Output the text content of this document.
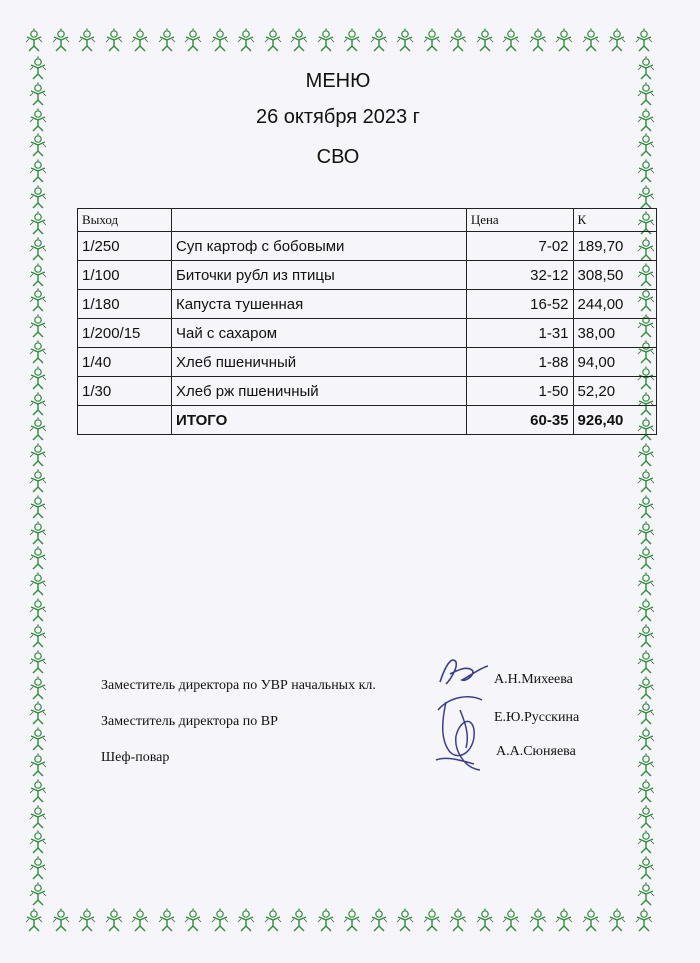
МЕНЮ
26 октября 2023 г
СВО
Выход		Цена	К
1/250	Суп картоф с бобовыми	7-02	189,70
1/100	Биточки рубл из птицы	32-12	308,50
1/180	Капуста тушенная	16-52	244,00
1/200/15	Чай с сахаром	1-31	38,00
1/40	Хлеб пшеничный	1-88	94,00
1/30	Хлеб рж пшеничный	1-50	52,20
	ИТОГО	60-35	926,40
Заместитель директора по УВР начальных кл.	А.Н.Михеева
Заместитель директора по ВР	Е.Ю.Русскина
Шеф-повар	А.А.Сюняева
